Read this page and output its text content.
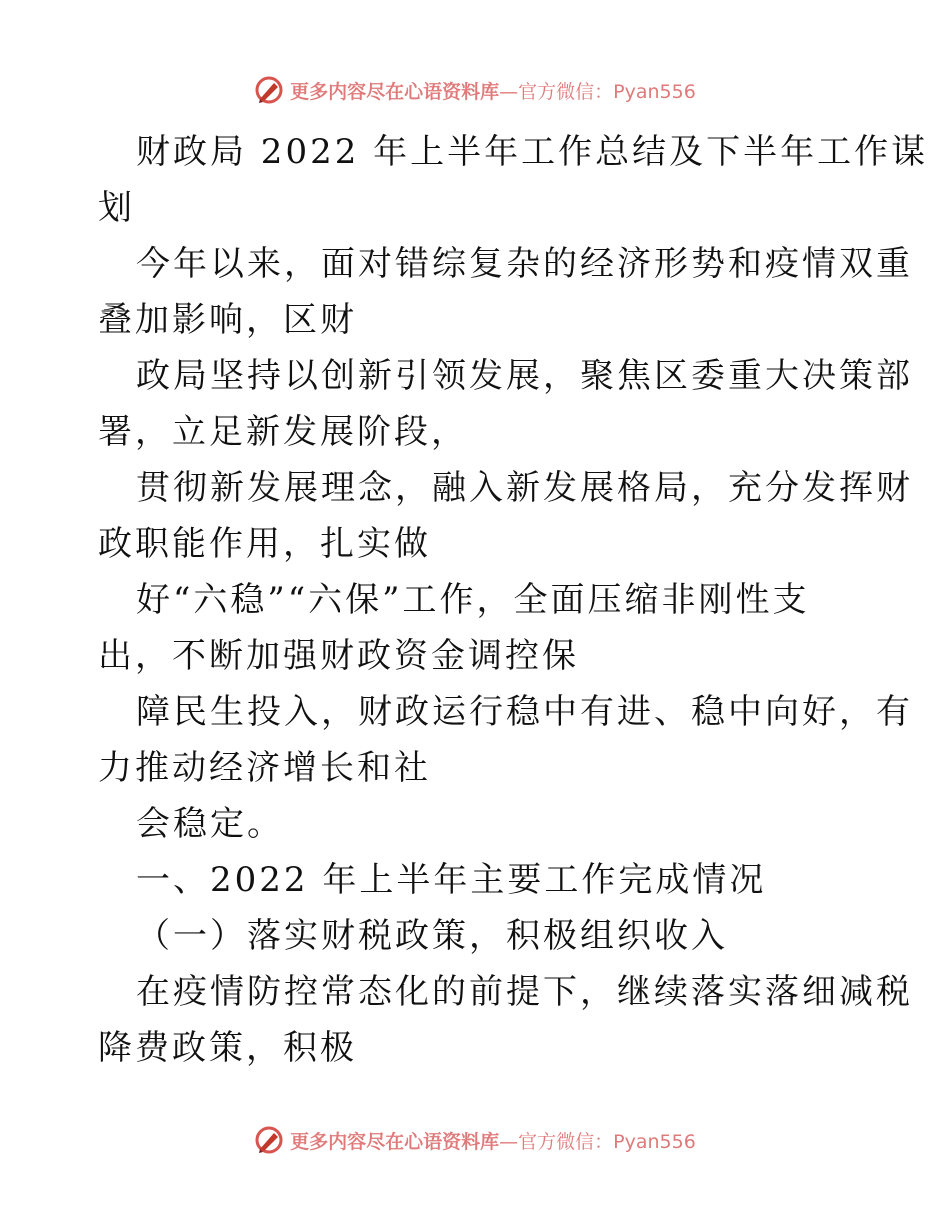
更多内容尽在心语资料库 —官方微信：Pyan556
财政局 2022 年上半年工作总结及下半年工作谋
划
今年以来，面对错综复杂的经济形势和疫情双重
叠加影响，区财
政局坚持以创新引领发展，聚焦区委重大决策部
署，立足新发展阶段，
贯彻新发展理念，融入新发展格局，充分发挥财
政职能作用，扎实做
好“六稳”“六保”工作，全面压缩非刚性支
出，不断加强财政资金调控保
障民生投入，财政运行稳中有进、稳中向好，有
力推动经济增长和社
会稳定。
一、2022 年上半年主要工作完成情况
（一）落实财税政策，积极组织收入
在疫情防控常态化的前提下，继续落实落细减税
降费政策，积极
更多内容尽在心语资料库 —官方微信：Pyan556
